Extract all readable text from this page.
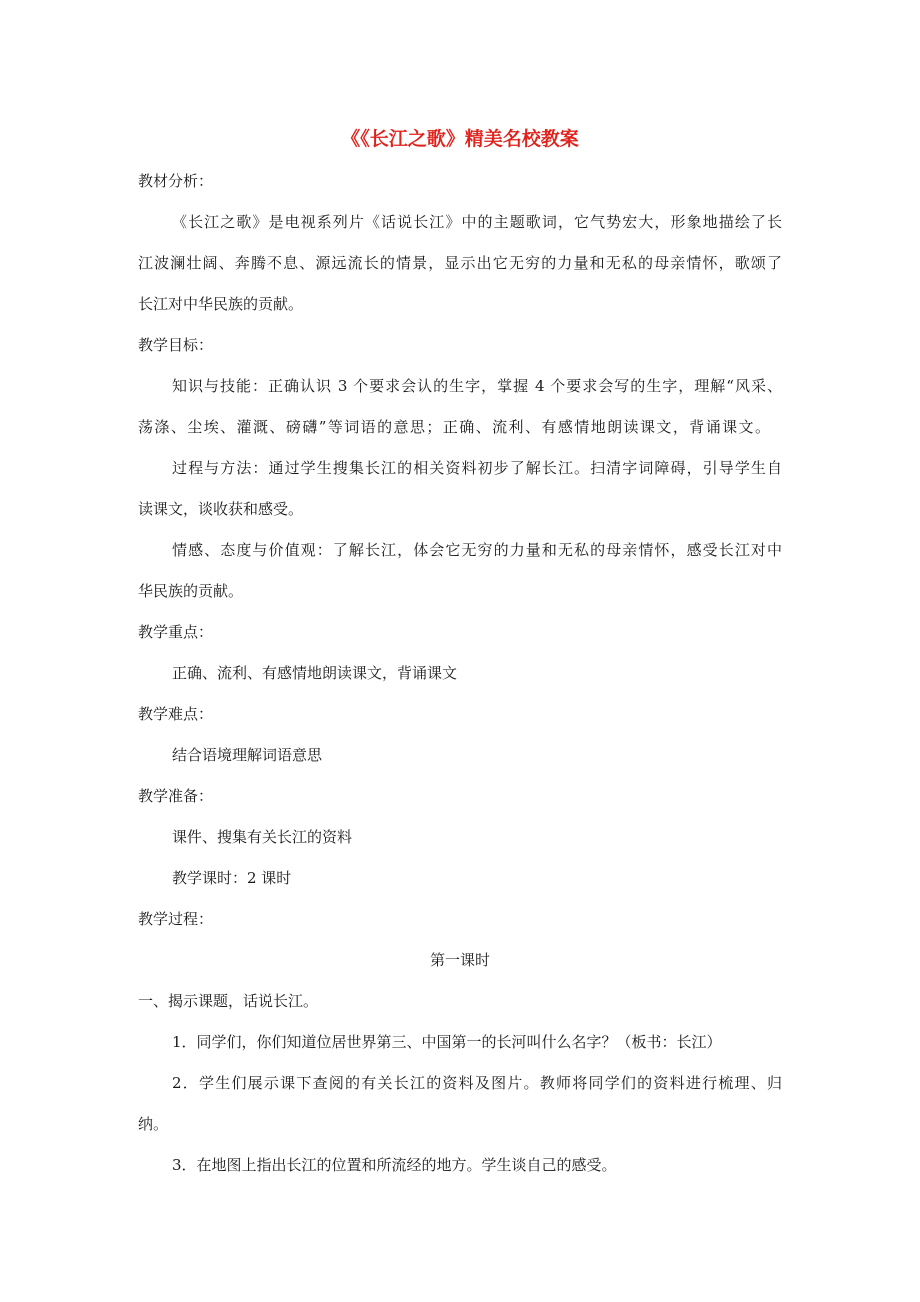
《《长江之歌》精美名校教案
教材分析：
《长江之歌》是电视系列片《话说长江》中的主题歌词，它气势宏大，形象地描绘了长
江波澜壮阔、奔腾不息、源远流长的情景，显示出它无穷的力量和无私的母亲情怀，歌颂了
长江对中华民族的贡献。
教学目标：
知识与技能：正确认识 3 个要求会认的生字，掌握 4 个要求会写的生字，理解“风采、
荡涤、尘埃、灌溉、磅礴”等词语的意思；正确、流利、有感情地朗读课文，背诵课文。
过程与方法：通过学生搜集长江的相关资料初步了解长江。扫清字词障碍，引导学生自
读课文，谈收获和感受。
情感、态度与价值观：了解长江，体会它无穷的力量和无私的母亲情怀，感受长江对中
华民族的贡献。
教学重点：
正确、流利、有感情地朗读课文，背诵课文
教学难点：
结合语境理解词语意思
教学准备：
课件、搜集有关长江的资料
教学课时：2 课时
教学过程：
第一课时
一、揭示课题，话说长江。
1．同学们，你们知道位居世界第三、中国第一的长河叫什么名字？（板书：长江）
2．学生们展示课下查阅的有关长江的资料及图片。教师将同学们的资料进行梳理、归
纳。
3．在地图上指出长江的位置和所流经的地方。学生谈自己的感受。
